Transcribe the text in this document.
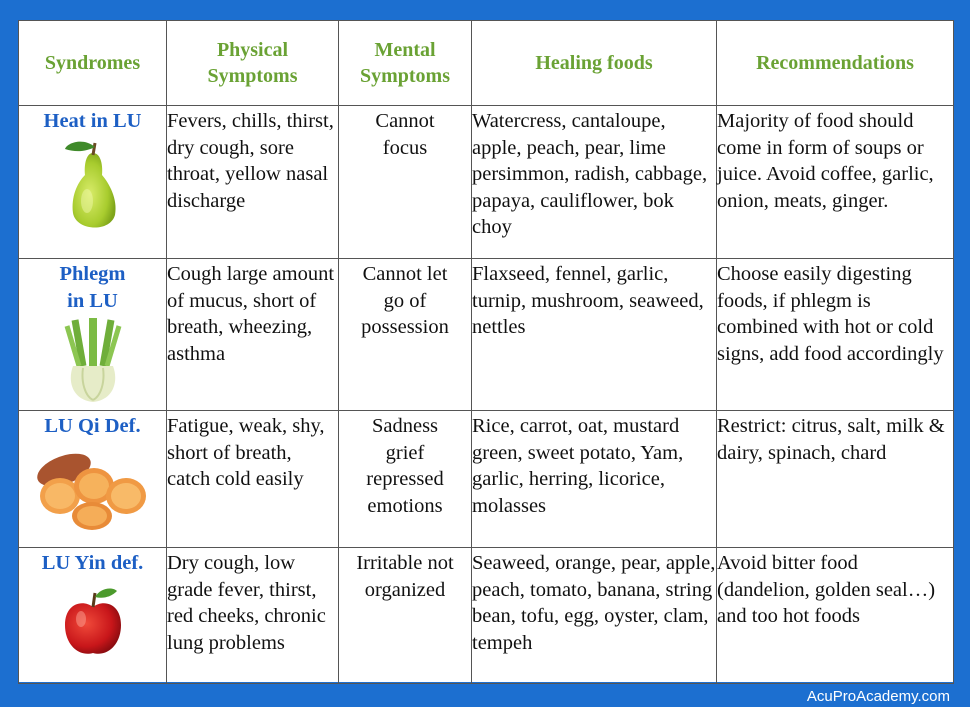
Syndromes	Physical Symptoms	Mental Symptoms	Healing foods	Recommendations

Heat in LU	Fevers, chills, thirst, dry cough, sore throat, yellow nasal discharge	Cannot focus	Watercress, cantaloupe, apple, peach, pear, lime persimmon, radish, cabbage, papaya, cauliflower, bok choy	Majority of food should come in form of soups or juice. Avoid coffee, garlic, onion, meats, ginger.

Phlegm in LU	Cough large amount of mucus, short of breath, wheezing, asthma	Cannot let go of possession	Flaxseed, fennel, garlic, turnip, mushroom, seaweed, nettles	Choose easily digesting foods, if phlegm is combined with hot or cold signs, add food accordingly

LU Qi Def.	Fatigue, weak, shy, short of breath, catch cold easily	Sadness grief repressed emotions	Rice, carrot, oat, mustard green, sweet potato, Yam, garlic, herring, licorice, molasses	Restrict: citrus, salt, milk & dairy, spinach, chard

LU Yin def.	Dry cough, low grade fever, thirst, red cheeks, chronic lung problems	Irritable not organized	Seaweed, orange, pear, apple, peach, tomato, banana, string bean, tofu, egg, oyster, clam, tempeh	Avoid bitter food (dandelion, golden seal…) and too hot foods
AcuProAcademy.com
